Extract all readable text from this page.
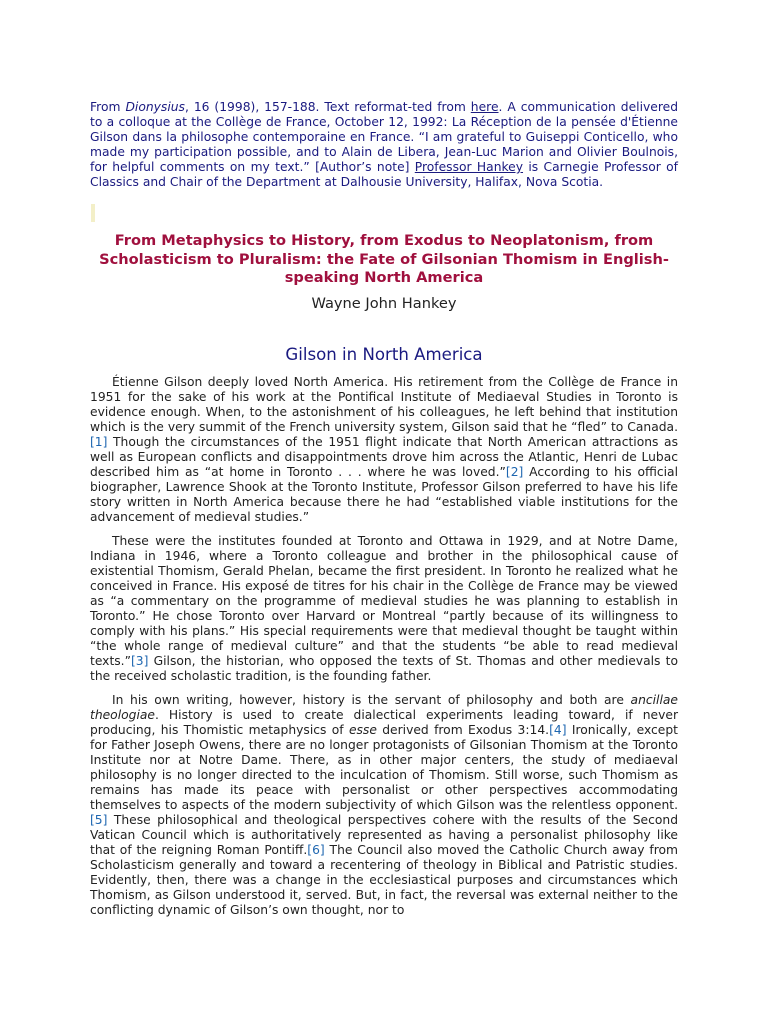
From Dionysius, 16 (1998), 157-188. Text reformat-ted from here. A communication delivered to a colloque at the Collège de France, October 12, 1992: La Réception de la pensée d'Étienne Gilson dans la philosophe contemporaine en France. “I am grateful to Guiseppi Conticello, who made my participation possible, and to Alain de Libera, Jean-Luc Marion and Olivier Boulnois, for helpful comments on my text.” [Author’s note] Professor Hankey is Carnegie Professor of Classics and Chair of the Department at Dalhousie University, Halifax, Nova Scotia.

From Metaphysics to History, from Exodus to Neoplatonism, from Scholasticism to Pluralism: the Fate of Gilsonian Thomism in English-speaking North America
Wayne John Hankey
Gilson in North America

Étienne Gilson deeply loved North America. His retirement from the Collège de France in 1951 for the sake of his work at the Pontifical Institute of Mediaeval Studies in Toronto is evidence enough. When, to the astonishment of his colleagues, he left behind that institution which is the very summit of the French university system, Gilson said that he “fled” to Canada.[1] Though the circumstances of the 1951 flight indicate that North American attractions as well as European conflicts and disappointments drove him across the Atlantic, Henri de Lubac described him as “at home in Toronto . . . where he was loved.”[2] According to his official biographer, Lawrence Shook at the Toronto Institute, Professor Gilson preferred to have his life story written in North America because there he had “established viable institutions for the advancement of medieval studies.”

These were the institutes founded at Toronto and Ottawa in 1929, and at Notre Dame, Indiana in 1946, where a Toronto colleague and brother in the philosophical cause of existential Thomism, Gerald Phelan, became the first president. In Toronto he realized what he conceived in France. His exposé de titres for his chair in the Collège de France may be viewed as “a commentary on the programme of medieval studies he was planning to establish in Toronto.” He chose Toronto over Harvard or Montreal “partly because of its willingness to comply with his plans.” His special requirements were that medieval thought be taught within “the whole range of medieval culture” and that the students “be able to read medieval texts.”[3] Gilson, the historian, who opposed the texts of St. Thomas and other medievals to the received scholastic tradition, is the founding father.

In his own writing, however, history is the servant of philosophy and both are ancillae theologiae. History is used to create dialectical experiments leading toward, if never producing, his Thomistic metaphysics of esse derived from Exodus 3:14.[4] Ironically, except for Father Joseph Owens, there are no longer protagonists of Gilsonian Thomism at the Toronto Institute nor at Notre Dame. There, as in other major centers, the study of mediaeval philosophy is no longer directed to the inculcation of Thomism. Still worse, such Thomism as remains has made its peace with personalist or other perspectives accommodating themselves to aspects of the modern subjectivity of which Gilson was the relentless opponent.[5] These philosophical and theological perspectives cohere with the results of the Second Vatican Council which is authoritatively represented as having a personalist philosophy like that of the reigning Roman Pontiff.[6] The Council also moved the Catholic Church away from Scholasticism generally and toward a recentering of theology in Biblical and Patristic studies. Evidently, then, there was a change in the ecclesiastical purposes and circumstances which Thomism, as Gilson understood it, served. But, in fact, the reversal was external neither to the conflicting dynamic of Gilson’s own thought, nor to
